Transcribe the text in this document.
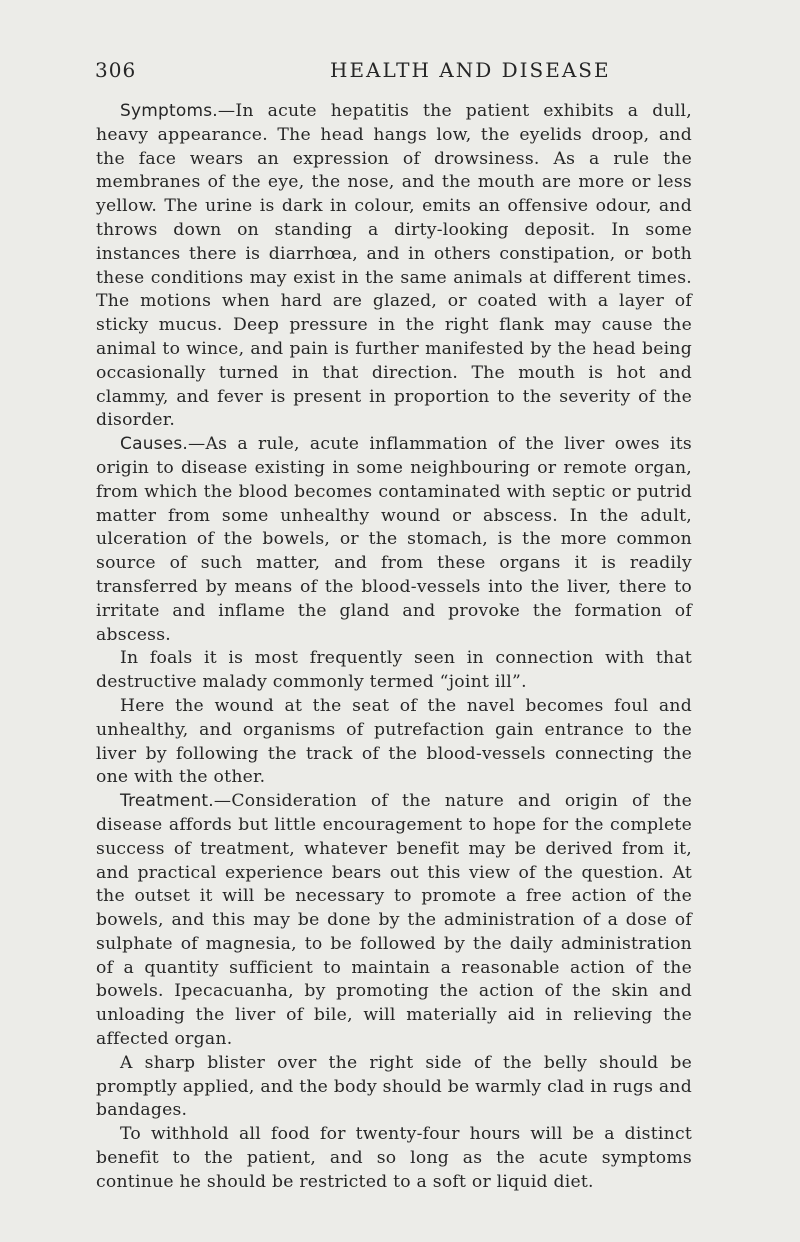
306	HEALTH AND DISEASE

Symptoms.—In acute hepatitis the patient exhibits a dull, heavy appearance. The head hangs low, the eyelids droop, and the face wears an expression of drowsiness. As a rule the membranes of the eye, the nose, and the mouth are more or less yellow. The urine is dark in colour, emits an offensive odour, and throws down on standing a dirty-looking deposit. In some instances there is diarrhœa, and in others constipation, or both these conditions may exist in the same animals at different times. The motions when hard are glazed, or coated with a layer of sticky mucus. Deep pressure in the right flank may cause the animal to wince, and pain is further manifested by the head being occasionally turned in that direction. The mouth is hot and clammy, and fever is present in proportion to the severity of the disorder.

Causes.—As a rule, acute inflammation of the liver owes its origin to disease existing in some neighbouring or remote organ, from which the blood becomes contaminated with septic or putrid matter from some unhealthy wound or abscess. In the adult, ulceration of the bowels, or the stomach, is the more common source of such matter, and from these organs it is readily transferred by means of the blood-vessels into the liver, there to irritate and inflame the gland and provoke the formation of abscess.

In foals it is most frequently seen in connection with that destructive malady commonly termed “joint ill”.

Here the wound at the seat of the navel becomes foul and unhealthy, and organisms of putrefaction gain entrance to the liver by following the track of the blood-vessels connecting the one with the other.

Treatment.—Consideration of the nature and origin of the disease affords but little encouragement to hope for the complete success of treatment, whatever benefit may be derived from it, and practical experience bears out this view of the question. At the outset it will be necessary to promote a free action of the bowels, and this may be done by the administration of a dose of sulphate of magnesia, to be followed by the daily administration of a quantity sufficient to maintain a reasonable action of the bowels. Ipecacuanha, by promoting the action of the skin and unloading the liver of bile, will materially aid in relieving the affected organ.

A sharp blister over the right side of the belly should be promptly applied, and the body should be warmly clad in rugs and bandages.

To withhold all food for twenty-four hours will be a distinct benefit to the patient, and so long as the acute symptoms continue he should be restricted to a soft or liquid diet.
